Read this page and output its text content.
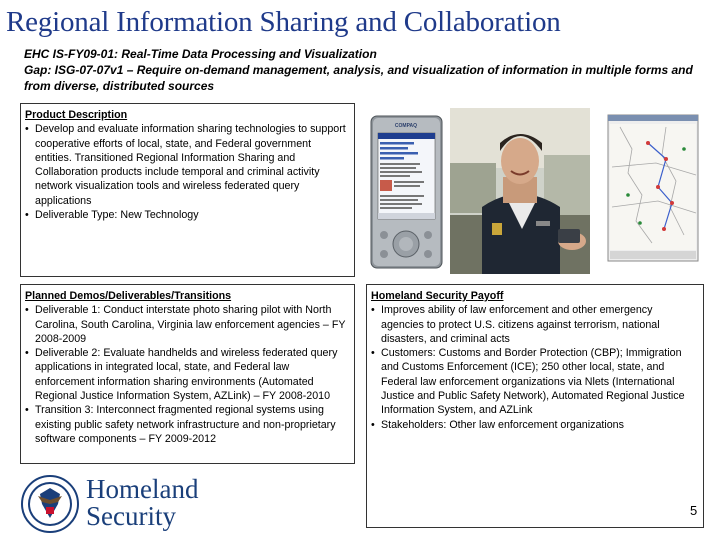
Regional Information Sharing and Collaboration
EHC IS-FY09-01: Real-Time Data Processing and Visualization
Gap: ISG-07-07v1 – Require on-demand management, analysis, and visualization of information in multiple forms and from diverse, distributed sources
Product Description
• Develop and evaluate information sharing technologies to support cooperative efforts of local, state, and Federal government entities. Transitioned Regional Information Sharing and Collaboration products include temporal and criminal activity network visualization tools and wireless federated query applications
• Deliverable Type: New Technology
COMPAQ
Planned Demos/Deliverables/Transitions
• Deliverable 1: Conduct interstate photo sharing pilot with North Carolina, South Carolina, Virginia law enforcement agencies – FY 2008-2009
• Deliverable 2: Evaluate handhelds and wireless federated query applications in integrated local, state, and Federal law enforcement information sharing environments (Automated Regional Justice Information System, AZLink) – FY 2008-2010
• Transition 3: Interconnect fragmented regional systems using existing public safety network infrastructure and non-proprietary software components – FY 2009-2012
Homeland Security Payoff
• Improves ability of law enforcement and other emergency agencies to protect U.S. citizens against terrorism, national disasters, and criminal acts
• Customers: Customs and Border Protection (CBP); Immigration and Customs Enforcement (ICE); 250 other local, state, and Federal law enforcement organizations via Nlets (International Justice and Public Safety Network), Automated Regional Justice Information System, and AZLink
• Stakeholders: Other law enforcement organizations
5
Homeland
Security
